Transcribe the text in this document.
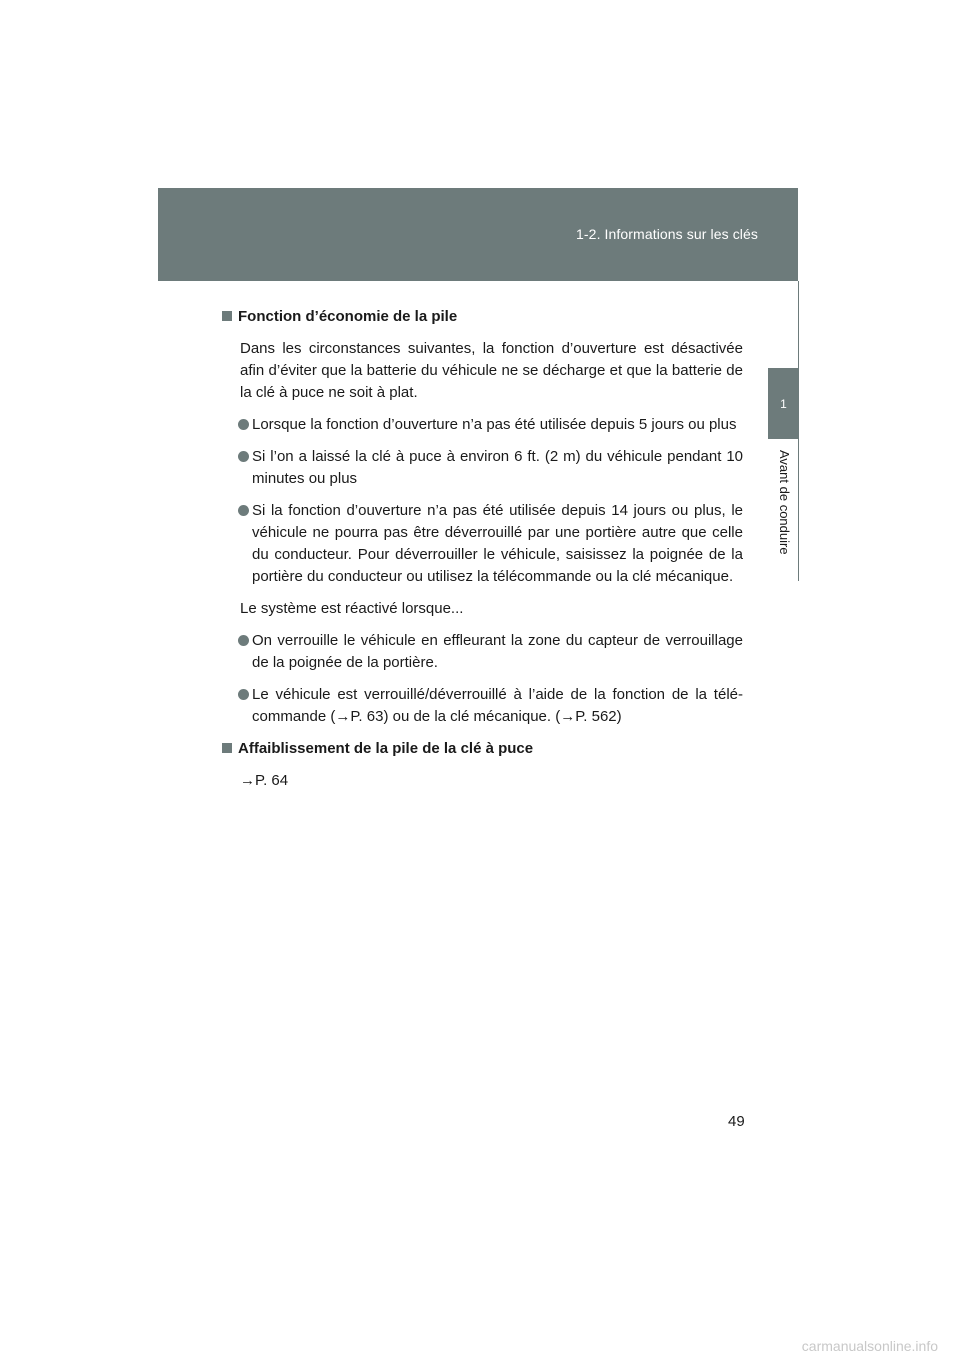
1-2. Informations sur les clés
1
Avant de conduire
Fonction d’économie de la pile
Dans les circonstances suivantes, la fonction d’ouverture est désactivée afin d’éviter que la batterie du véhicule ne se décharge et que la batterie de la clé à puce ne soit à plat.
Lorsque la fonction d’ouverture n’a pas été utilisée depuis 5 jours ou plus
Si l’on a laissé la clé à puce à environ 6 ft. (2 m) du véhicule pendant 10 minutes ou plus
Si la fonction d’ouverture n’a pas été utilisée depuis 14 jours ou plus, le véhicule ne pourra pas être déverrouillé par une portière autre que celle du conducteur. Pour déverrouiller le véhicule, saisissez la poignée de la portière du conducteur ou utilisez la télécommande ou la clé mécanique.
Le système est réactivé lorsque...
On verrouille le véhicule en effleurant la zone du capteur de verrouillage de la poignée de la portière.
Le véhicule est verrouillé/déverrouillé à l’aide de la fonction de la télé-commande (→P. 63) ou de la clé mécanique. (→P. 562)
Affaiblissement de la pile de la clé à puce
→P. 64
49
carmanualsonline.info
